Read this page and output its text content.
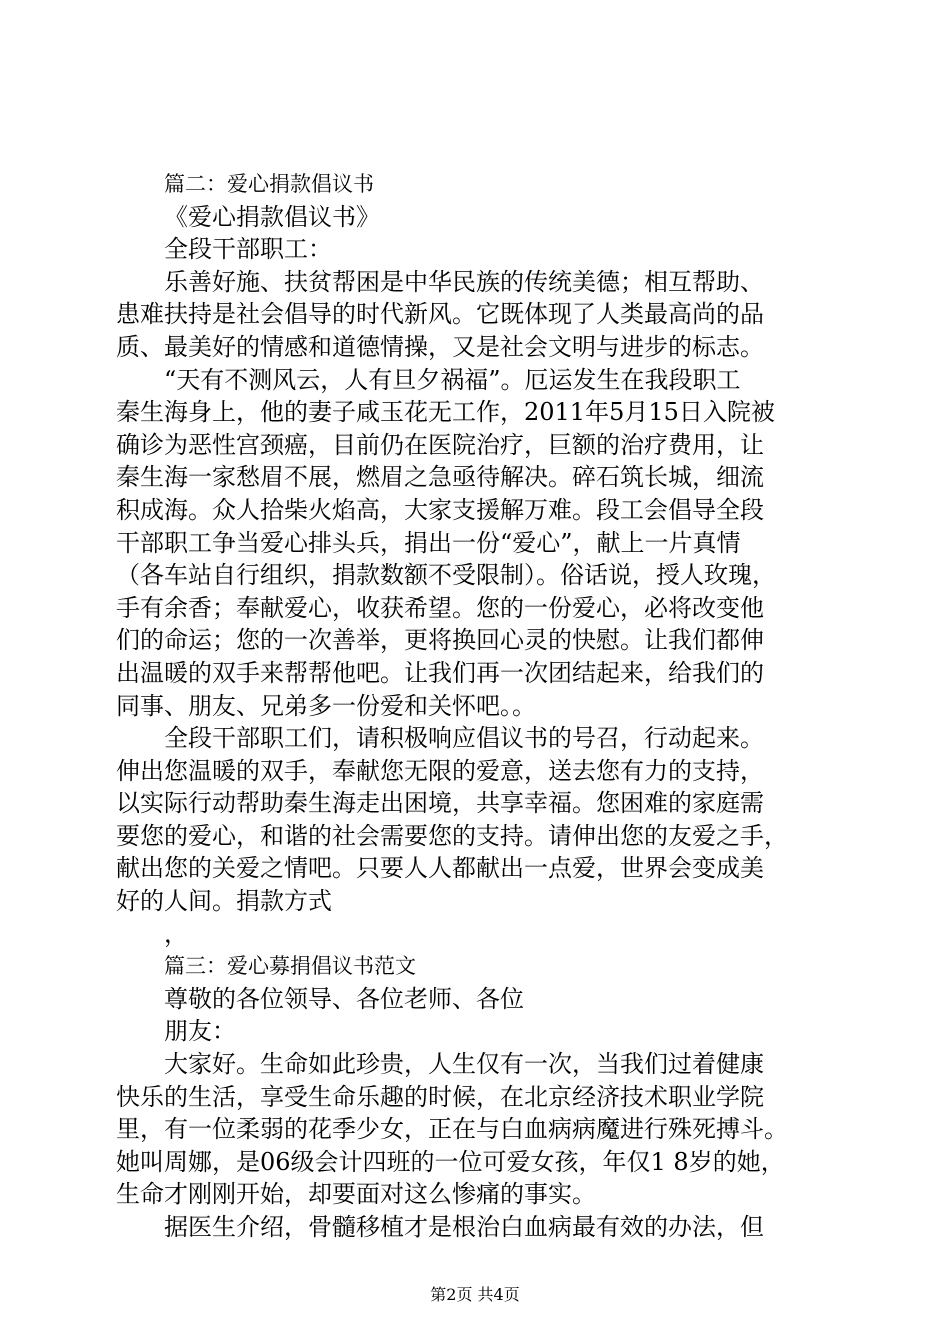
篇二：爱心捐款倡议书
《爱心捐款倡议书》
全段干部职工：
乐善好施、扶贫帮困是中华民族的传统美德；相互帮助、
患难扶持是社会倡导的时代新风。它既体现了人类最高尚的品
质、最美好的情感和道德情操，又是社会文明与进步的标志。
“天有不测风云，人有旦夕祸福”。厄运发生在我段职工
秦生海身上，他的妻子咸玉花无工作，2011年5月15日入院被
确诊为恶性宫颈癌，目前仍在医院治疗，巨额的治疗费用，让
秦生海一家愁眉不展，燃眉之急亟待解决。碎石筑长城，细流
积成海。众人拾柴火焰高，大家支援解万难。段工会倡导全段
干部职工争当爱心排头兵，捐出一份“爱心”，献上一片真情
（各车站自行组织，捐款数额不受限制）。俗话说，授人玫瑰，
手有余香；奉献爱心，收获希望。您的一份爱心，必将改变他
们的命运；您的一次善举，更将换回心灵的快慰。让我们都伸
出温暖的双手来帮帮他吧。让我们再一次团结起来，给我们的
同事、朋友、兄弟多一份爱和关怀吧。。
全段干部职工们，请积极响应倡议书的号召，行动起来。
伸出您温暖的双手，奉献您无限的爱意，送去您有力的支持，
以实际行动帮助秦生海走出困境，共享幸福。您困难的家庭需
要您的爱心，和谐的社会需要您的支持。请伸出您的友爱之手，
献出您的关爱之情吧。只要人人都献出一点爱，世界会变成美
好的人间。捐款方式
，
篇三：爱心募捐倡议书范文
尊敬的各位领导、各位老师、各位
朋友：
大家好。生命如此珍贵，人生仅有一次，当我们过着健康
快乐的生活，享受生命乐趣的时候，在北京经济技术职业学院
里，有一位柔弱的花季少女，正在与白血病病魔进行殊死搏斗。
她叫周娜，是06级会计四班的一位可爱女孩，年仅1 8岁的她，
生命才刚刚开始，却要面对这么惨痛的事实。
据医生介绍，骨髓移植才是根治白血病最有效的办法，但
第2页 共4页
